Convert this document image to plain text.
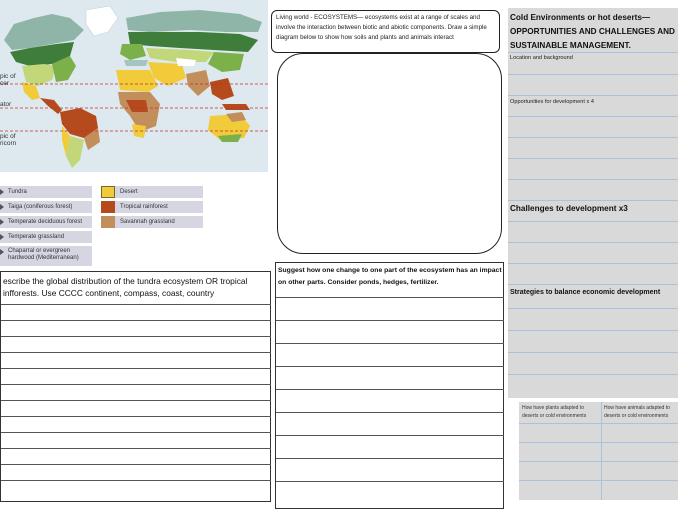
pic of
cer
ator
pic of
ricorn
Tundra
Taiga (coniferous forest)
Temperate deciduous forest
Temperate grassland
Chaparral or evergreen hardwood (Mediterranean)
Desert
Tropical rainforest
Savannah grassland
escribe the global distribution of the tundra ecosystem OR tropical infforests. Use CCCC continent, compass, coast, country
Living world - ECOSYSTEMS— ecosystems exist at a range of scales and involve the interaction between biotic and abiotic components. Draw a simple diagram below to show how soils and plants and animals interact
Suggest how one change to one part of the ecosystem has an impact on other parts. Consider ponds, hedges, fertilizer.
Cold Environments or hot deserts— OPPORTUNITIES AND CHALLENGES AND SUSTAINABLE MANAGEMENT.
Location and background
Opportunities for development x 4
Challenges to development x3
Strategies to balance economic development
How have plants adapted to deserts or cold environments
How have animals adapted to deserts or cold environments
